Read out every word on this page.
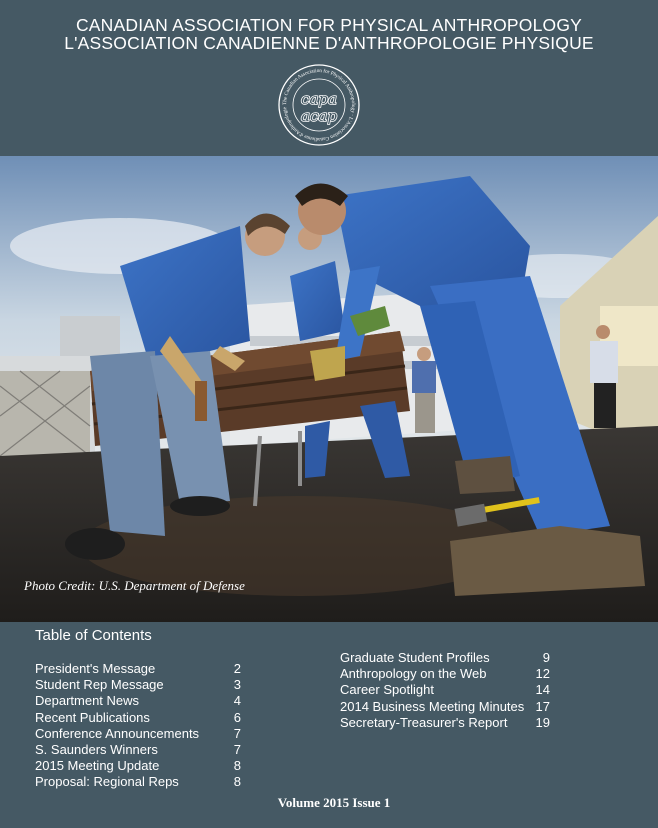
CANADIAN ASSOCIATION FOR PHYSICAL ANTHROPOLOGY
L'ASSOCIATION CANADIENNE D'ANTHROPOLOGIE PHYSIQUE
The Canadian Association for Physical Anthropology · L'Association Canadienne d'Anthropologie
capa
acap
Photo Credit: U.S. Department of Defense
Table of Contents
President's Message	2
Student Rep Message	3
Department News	4
Recent Publications	6
Conference Announcements	7
S. Saunders Winners	7
2015 Meeting Update	8
Proposal: Regional Reps	8
Graduate Student Profiles	9
Anthropology on the Web	12
Career Spotlight	14
2014 Business Meeting Minutes 17
Secretary-Treasurer's Report 19
Volume 2015 Issue 1
